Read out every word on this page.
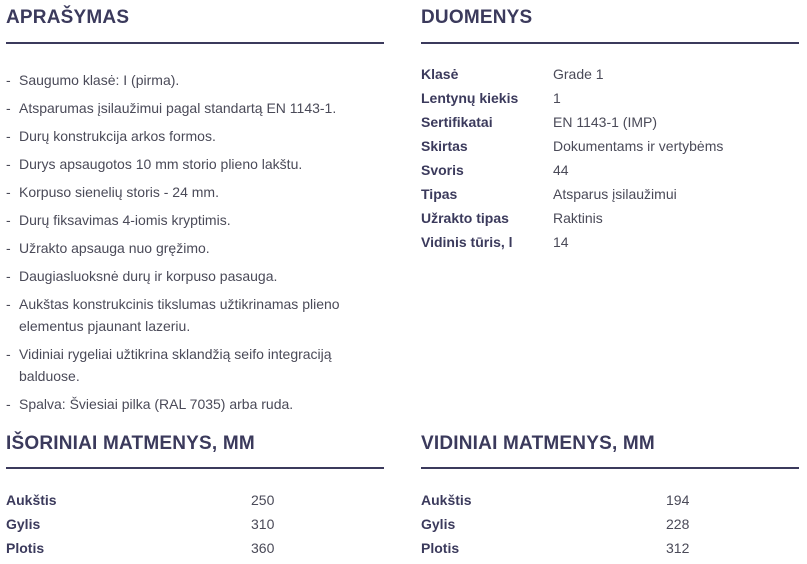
APRAŠYMAS
- Saugumo klasė: I (pirma).
- Atsparumas įsilaužimui pagal standartą EN 1143-1.
- Durų konstrukcija arkos formos.
- Durys apsaugotos 10 mm storio plieno lakštu.
- Korpuso sienelių storis - 24 mm.
- Durų fiksavimas 4-iomis kryptimis.
- Užrakto apsauga nuo gręžimo.
- Daugiasluoksnė durų ir korpuso pasauga.
- Aukštas konstrukcinis tikslumas užtikrinamas plieno elementus pjaunant lazeriu.
- Vidiniai rygeliai užtikrina sklandžią seifo integraciją balduose.
- Spalva: Šviesiai pilka (RAL 7035) arba ruda.
DUOMENYS
Klasė	Grade 1
Lentynų kiekis	1
Sertifikatai	EN 1143-1 (IMP)
Skirtas	Dokumentams ir vertybėms
Svoris	44
Tipas	Atsparus įsilaužimui
Užrakto tipas	Raktinis
Vidinis tūris, l	14
IŠORINIAI MATMENYS, MM
Aukštis	250
Gylis	310
Plotis	360
VIDINIAI MATMENYS, MM
Aukštis	194
Gylis	228
Plotis	312
